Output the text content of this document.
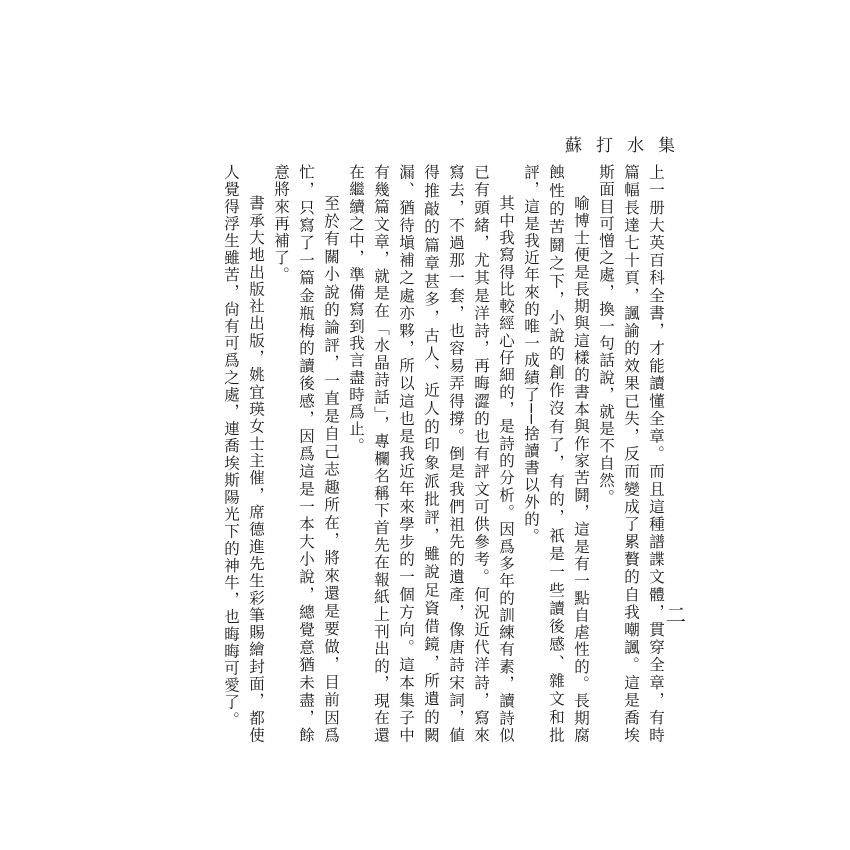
蘇打水集

上一册大英百科全書，才能讀懂全章。而且這種譜諜文體，貫穿全章，有時篇幅長達七十頁，諷諭的效果已失，反而變成了累贅的自我嘲諷。這是喬埃斯面目可憎之處，換一句話說，就是不自然。

喻博士便是長期與這樣的書本與作家苦鬪，這是有一點自虐性的。長期腐蝕性的苦鬪之下，小說的創作沒有了，有的，祇是一些讀後感、雜文和批評，這是我近年來的唯一成績了──捨讀書以外的。

其中我寫得比較經心仔細的，是詩的分析。因爲多年的訓練有素，讀詩似已有頭緒，尤其是洋詩，再晦澀的也有評文可供參考。何況近代洋詩，寫來寫去，不過那一套，也容易弄得撐。倒是我們祖先的遺產，像唐詩宋詞，値得推敲的篇章甚多，古人、近人的印象派批評，雖說足資借鏡，所遺的闕漏、猶待塡補之處亦夥，所以這也是我近年來學步的一個方向。這本集子中有幾篇文章，就是在「水晶詩話」，專欄名稱下首先在報紙上刊出的，現在還在繼續之中，準備寫到我言盡時爲止。

至於有關小說的論評，一直是自己志趣所在，將來還是要做，目前因爲忙，只寫了一篇金瓶梅的讀後感，因爲這是一本大小說，總覺意猶未盡，餘意將來再補了。

書承大地出版社出版，姚宜瑛女士主催，席德進先生彩筆賜繪封面，都使人覺得浮生雖苦，尙有可爲之處，連喬埃斯陽光下的神牛，也晦晦可愛了。	二
